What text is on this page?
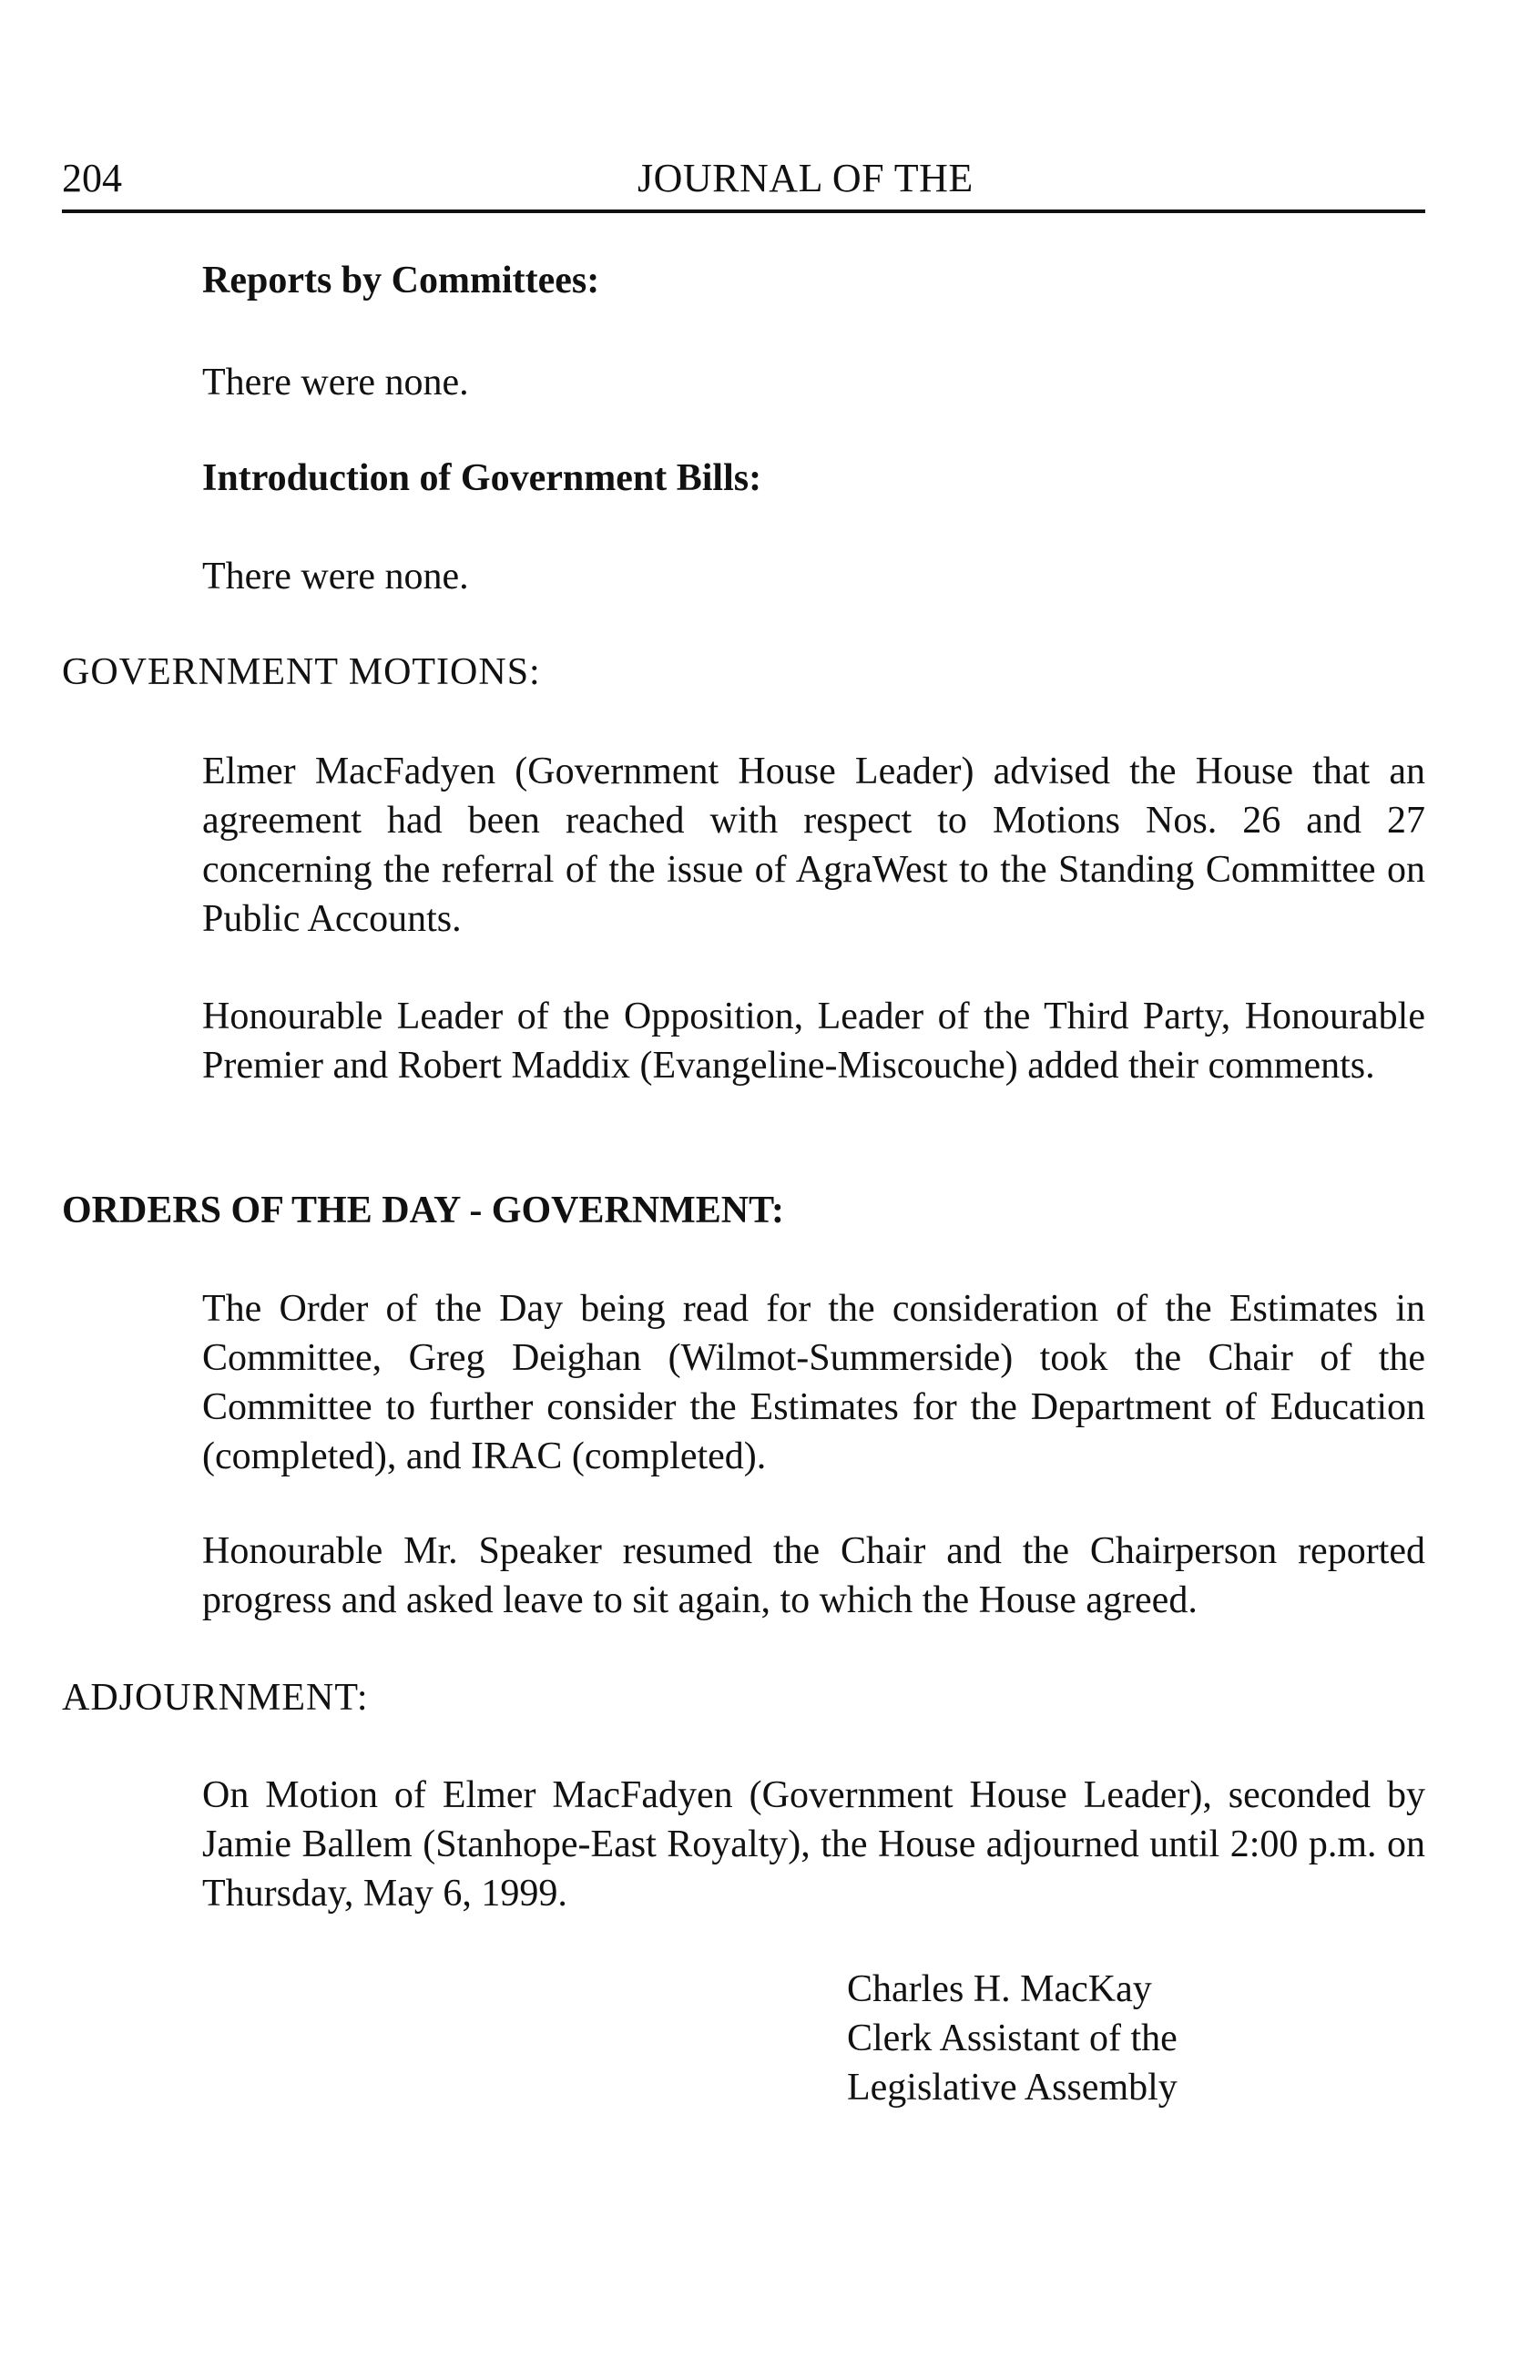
204	JOURNAL OF THE
Reports by Committees:

There were none.

Introduction of Government Bills:

There were none.

GOVERNMENT MOTIONS:

Elmer MacFadyen (Government House Leader) advised the House that an agreement had been reached with respect to Motions Nos. 26 and 27 concerning the referral of the issue of AgraWest to the Standing Committee on Public Accounts.

Honourable Leader of the Opposition, Leader of the Third Party, Honourable Premier and Robert Maddix (Evangeline-Miscouche) added their comments.

ORDERS OF THE DAY - GOVERNMENT:

The Order of the Day being read for the consideration of the Estimates in Committee, Greg Deighan (Wilmot-Summerside) took the Chair of the Committee to further consider the Estimates for the Department of Education (completed), and IRAC (completed).

Honourable Mr. Speaker resumed the Chair and the Chairperson reported progress and asked leave to sit again, to which the House agreed.

ADJOURNMENT:

On Motion of Elmer MacFadyen (Government House Leader), seconded by Jamie Ballem (Stanhope-East Royalty), the House adjourned until 2:00 p.m. on Thursday, May 6, 1999.

Charles H. MacKay
Clerk Assistant of the
Legislative Assembly
